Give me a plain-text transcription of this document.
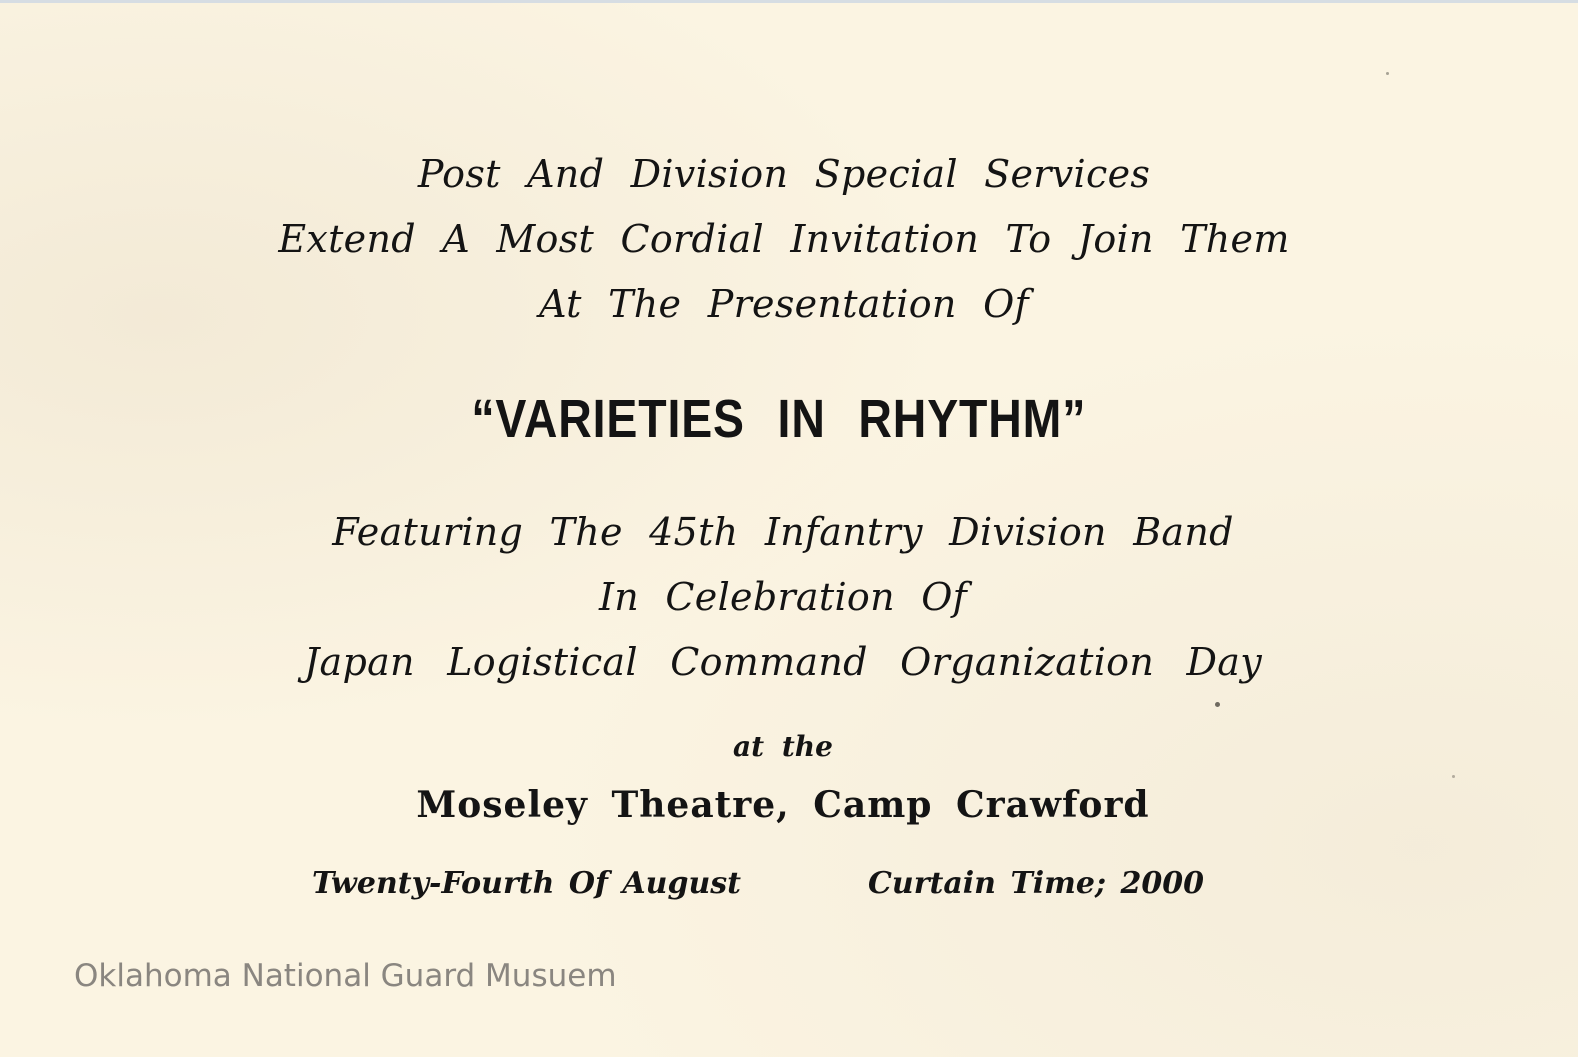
Post And Division Special Services

Extend A Most Cordial Invitation To Join Them

At The Presentation Of

“VARIETIES IN RHYTHM”

Featuring The 45th Infantry Division Band

In Celebration Of

Japan Logistical Command Organization Day

at the

Moseley Theatre, Camp Crawford

Twenty-Fourth Of August	Curtain Time; 2000

Oklahoma National Guard Musuem
